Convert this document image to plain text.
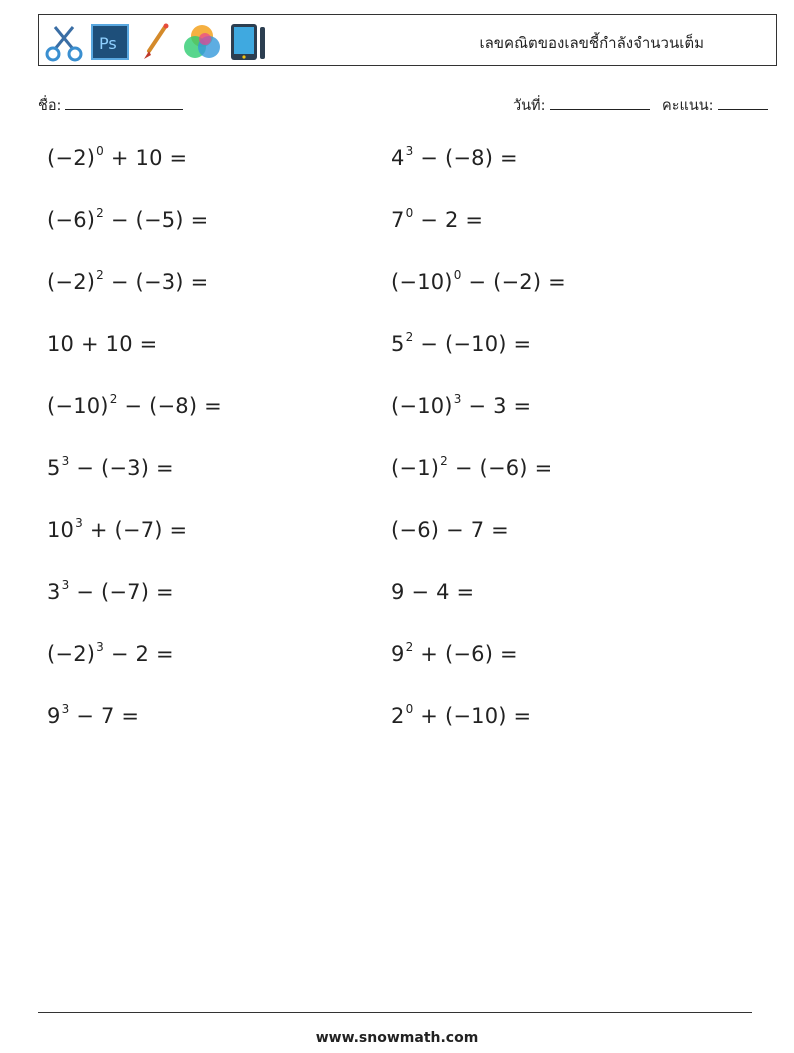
Ps	เลขคณิตของเลขชี้กำลังจำนวนเต็ม
ชื่อ:	วันที่:	คะแนน:
$(-2)^0 + 10$ =
$(-6)^2 - (-5)$ =
$(-2)^2 - (-3)$ =
10 + 10 =
$(-10)^2 - (-8)$ =
$5^3 - (-3)$ =
$10^3 + (-7)$ =
$3^3 - (-7)$ =
$(-2)^3 - 2$ =
$9^3 - 7$ =
$4^3 - (-8)$ =
$7^0 - 2$ =
$(-10)^0 - (-2)$ =
$5^2 - (-10)$ =
$(-10)^3 - 3$ =
$(-1)^2 - (-6)$ =
(−6) − 7 =
9 − 4 =
$9^2 + (-6)$ =
$2^0 + (-10)$ =
www.snowmath.com
